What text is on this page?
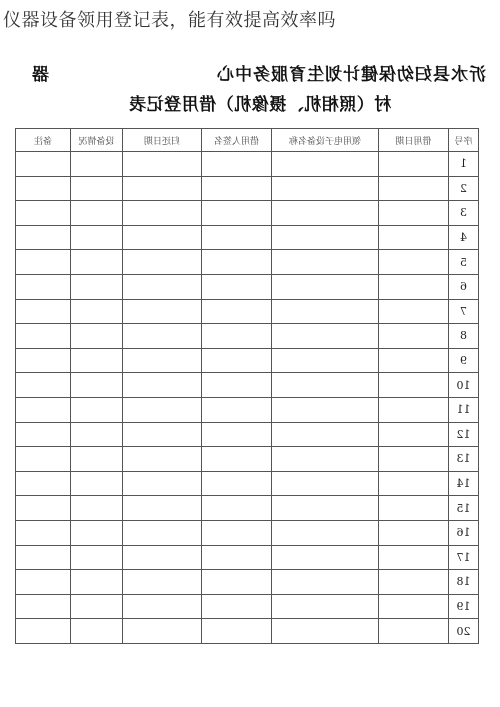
仪器设备领用登记表，能有效提高效率吗
沂水县妇幼保健计划生育服务中心
器
村（照相机、摄像机）借用登记表
序号	借用日期	领用电子设备名称	借用人签名	归还日期	设备情况	备注
1						
2						
3						
4						
5						
6						
7						
8						
9						
10						
11						
12						
13						
14						
15						
16						
17						
18						
19						
20						
